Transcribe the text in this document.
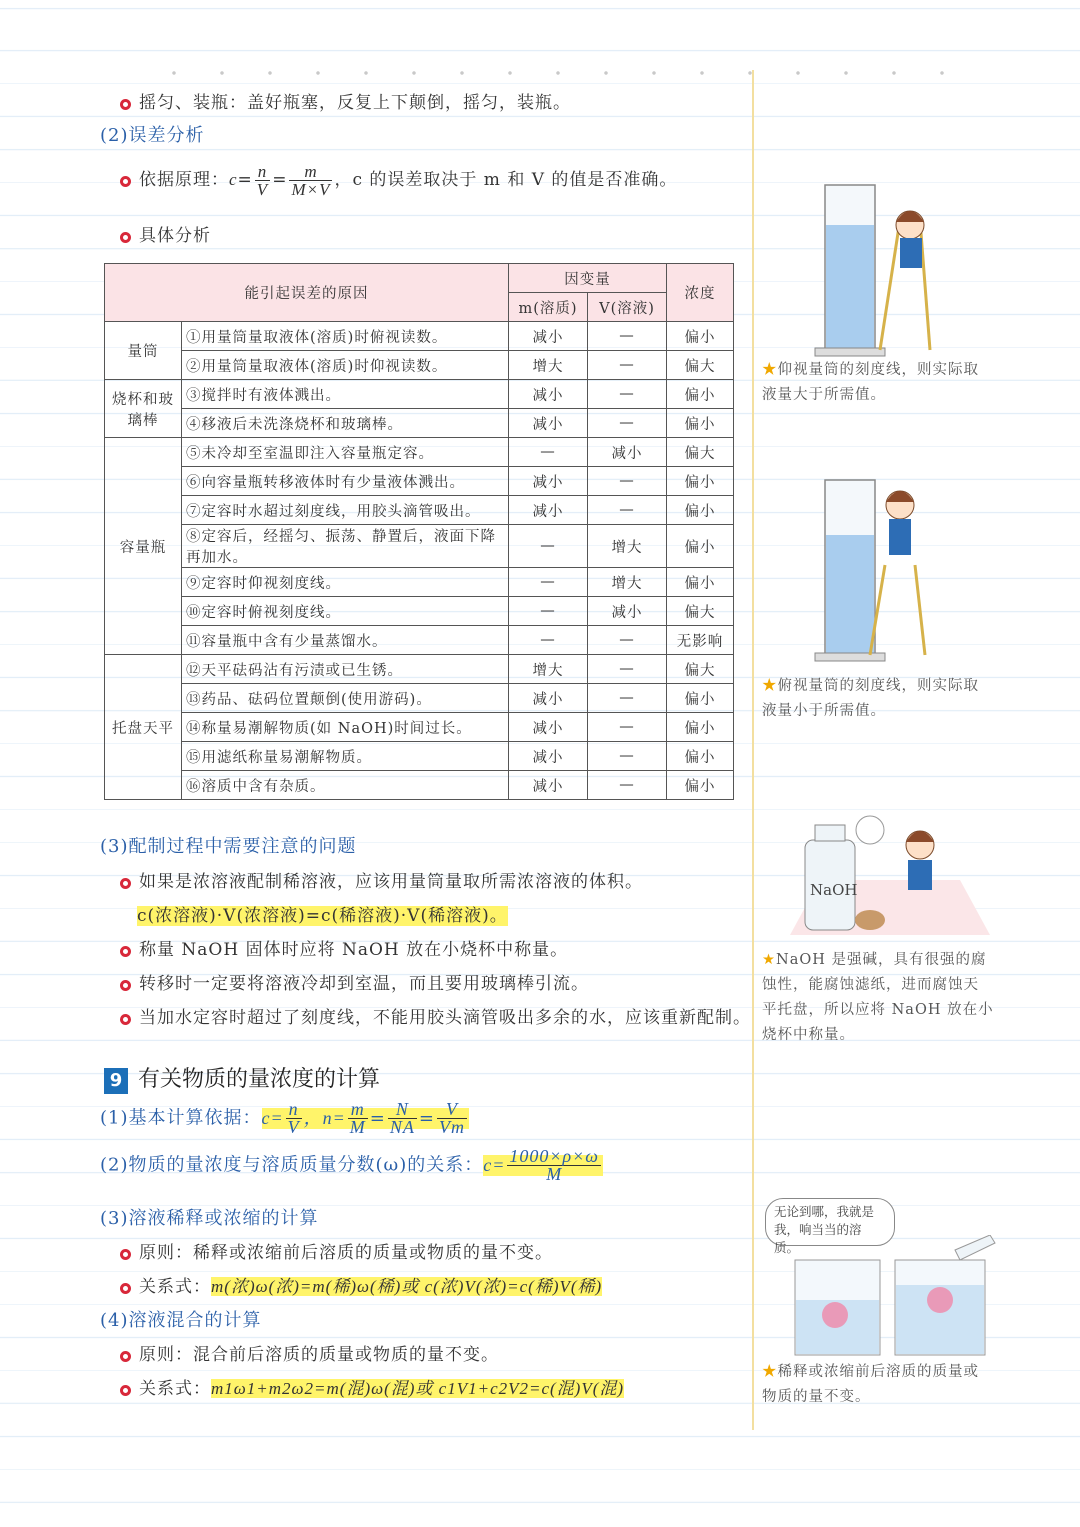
摇匀、装瓶：盖好瓶塞，反复上下颠倒，摇匀，装瓶。
(2)误差分析
依据原理：$c= \frac{n}{V} = \frac{m}{M\times V}$ ，c 的误差取决于 m 和 V 的值是否准确。
具体分析
能引起误差的原因		因变量		浓度
		m(溶质)	V(溶液)	
量筒	①用量筒量取液体(溶质)时俯视读数。	减小	—	偏小
	②用量筒量取液体(溶质)时仰视读数。	增大	—	偏大
烧杯和玻璃棒	③搅拌时有液体溅出。	减小	—	偏小
	④移液后未洗涤烧杯和玻璃棒。	减小	—	偏小
容量瓶	⑤未冷却至室温即注入容量瓶定容。	—	减小	偏大
	⑥向容量瓶转移液体时有少量液体溅出。	减小	—	偏小
	⑦定容时水超过刻度线，用胶头滴管吸出。	减小	—	偏小
	⑧定容后，经摇匀、振荡、静置后，液面下降再加水。	—	增大	偏小
	⑨定容时仰视刻度线。	—	增大	偏小
	⑩定容时俯视刻度线。	—	减小	偏大
	⑪容量瓶中含有少量蒸馏水。	—	—	无影响
托盘天平	⑫天平砝码沾有污渍或已生锈。	增大	—	偏大
	⑬药品、砝码位置颠倒(使用游码)。	减小	—	偏小
	⑭称量易潮解物质(如 NaOH)时间过长。	减小	—	偏小
	⑮用滤纸称量易潮解物质。	减小	—	偏小
	⑯溶质中含有杂质。	减小	—	偏小
(3)配制过程中需要注意的问题
如果是浓溶液配制稀溶液，应该用量筒量取所需浓溶液的体积。
c(浓溶液)·V(浓溶液)=c(稀溶液)·V(稀溶液)。
称量 NaOH 固体时应将 NaOH 放在小烧杯中称量。
转移时一定要将溶液冷却到室温，而且要用玻璃棒引流。
当加水定容时超过了刻度线，不能用胶头滴管吸出多余的水，应该重新配制。
9 有关物质的量浓度的计算
(1)基本计算依据：$c= \frac{n}{V}$ ，$n= \frac{m}{M} = \frac{N}{NA} = \frac{V}{Vm}$
(2)物质的量浓度与溶质质量分数(ω)的关系：$c= \frac{1000\times\rho\times\omega}{M}$
(3)溶液稀释或浓缩的计算
原则：稀释或浓缩前后溶质的质量或物质的量不变。
关系式：m(浓)ω(浓)=m(稀)ω(稀)或 c(浓)V(浓)=c(稀)V(稀)
(4)溶液混合的计算
原则：混合前后溶质的质量或物质的量不变。
关系式：m1ω1+m2ω2=m(混)ω(混)或 c1V1+c2V2=c(混)V(混)
★仰视量筒的刻度线，则实际取液量大于所需值。
★俯视量筒的刻度线，则实际取液量小于所需值。
NaOH
★NaOH 是强碱，具有很强的腐蚀性，能腐蚀滤纸，进而腐蚀天平托盘，所以应将 NaOH 放在小烧杯中称量。
无论到哪，我就是我，响当当的溶质。
★稀释或浓缩前后溶质的质量或物质的量不变。
